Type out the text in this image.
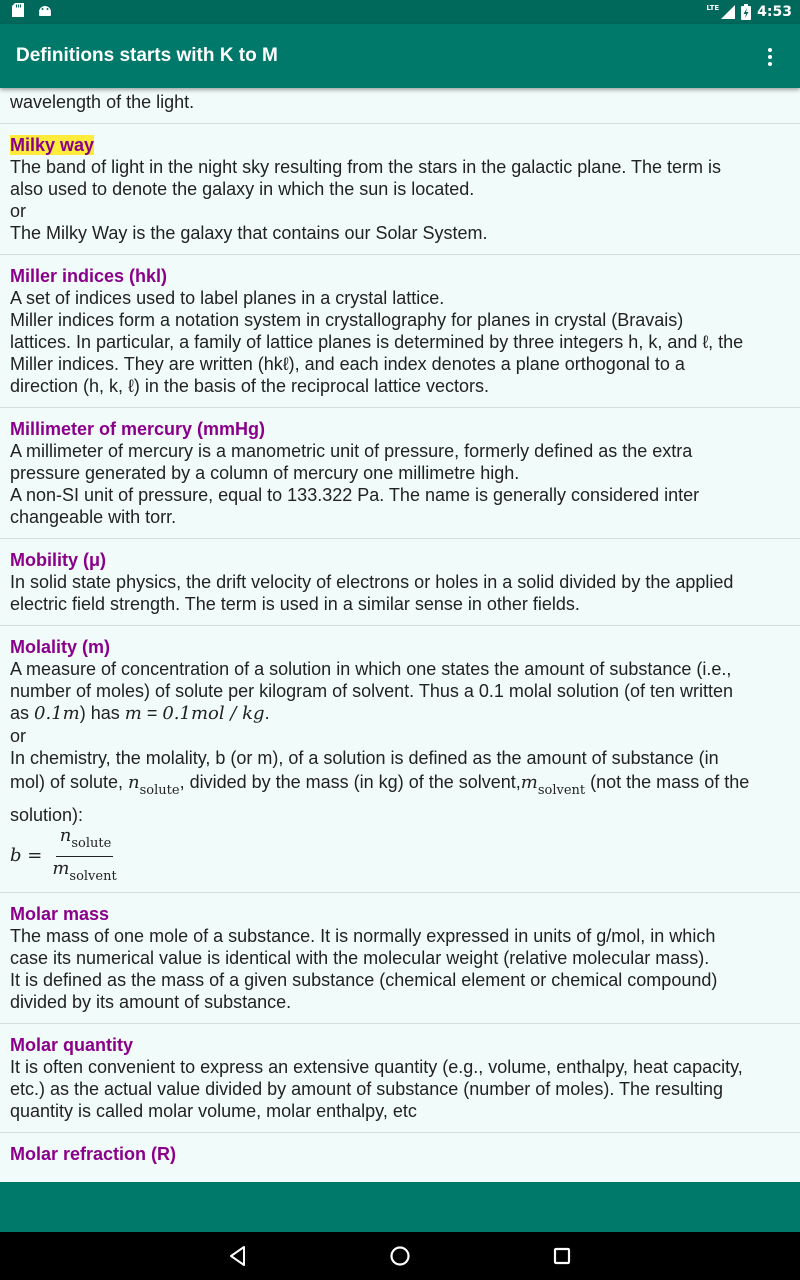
LTE	4:53
Definitions starts with K to M
wavelength of the light.
Milky way
The band of light in the night sky resulting from the stars in the galactic plane. The term is
also used to denote the galaxy in which the sun is located.
or
The Milky Way is the galaxy that contains our Solar System.
Miller indices (hkl)
A set of indices used to label planes in a crystal lattice.
Miller indices form a notation system in crystallography for planes in crystal (Bravais)
lattices. In particular, a family of lattice planes is determined by three integers h, k, and ℓ, the
Miller indices. They are written (hkℓ), and each index denotes a plane orthogonal to a
direction (h, k, ℓ) in the basis of the reciprocal lattice vectors.
Millimeter of mercury (mmHg)
A millimeter of mercury is a manometric unit of pressure, formerly defined as the extra
pressure generated by a column of mercury one millimetre high.
A non-SI unit of pressure, equal to 133.322 Pa. The name is generally considered inter
changeable with torr.
Mobility (μ)
In solid state physics, the drift velocity of electrons or holes in a solid divided by the applied
electric field strength. The term is used in a similar sense in other fields.
Molality (m)
A measure of concentration of a solution in which one states the amount of substance (i.e.,
number of moles) of solute per kilogram of solvent. Thus a 0.1 molal solution (of ten written
as 0.1m) has m = 0.1mol / kg.
or
In chemistry, the molality, b (or m), of a solution is defined as the amount of substance (in
mol) of solute, $n_{solute}$, divided by the mass (in kg) of the $solvent,m_{solvent}$ (not the mass of the
solution):
$b = \frac{n_{solute}}{m_{solvent}}$
Molar mass
The mass of one mole of a substance. It is normally expressed in units of g/mol, in which
case its numerical value is identical with the molecular weight (relative molecular mass).
It is defined as the mass of a given substance (chemical element or chemical compound)
divided by its amount of substance.
Molar quantity
It is often convenient to express an extensive quantity (e.g., volume, enthalpy, heat capacity,
etc.) as the actual value divided by amount of substance (number of moles). The resulting
quantity is called molar volume, molar enthalpy, etc
Molar refraction (R)
